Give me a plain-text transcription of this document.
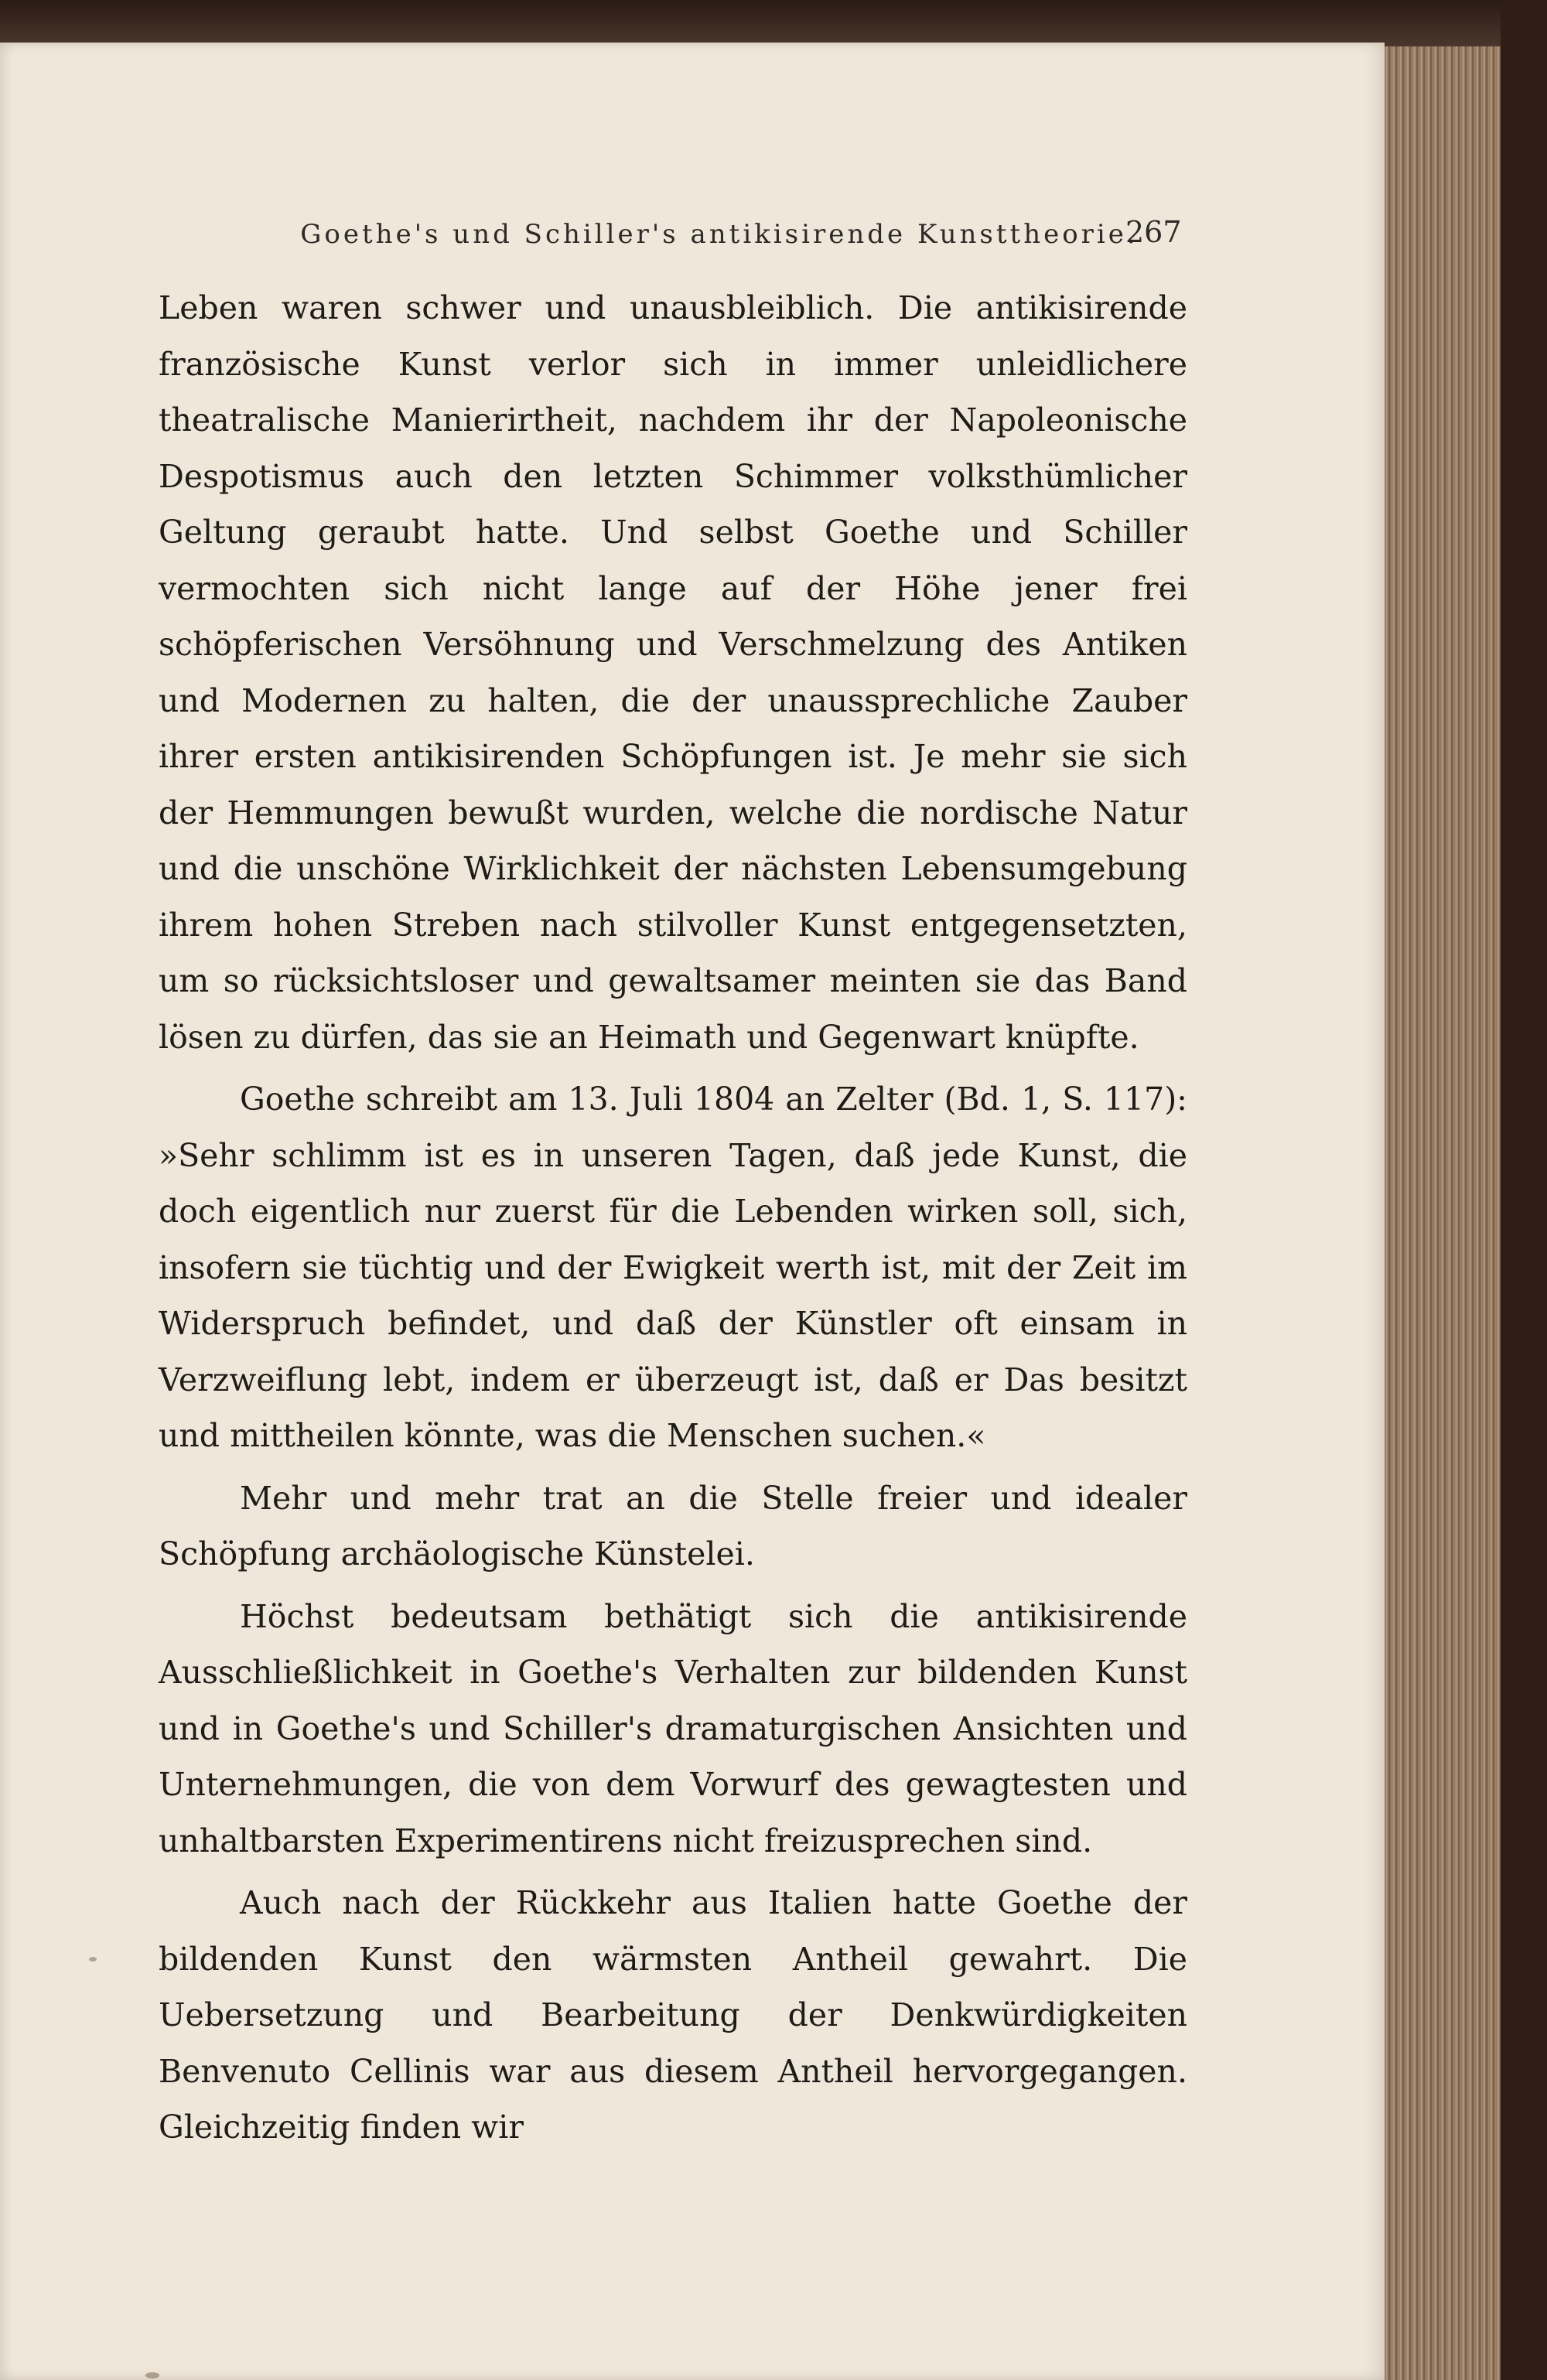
Goethe's und Schiller's antikisirende Kunsttheorie.
267

Leben waren schwer und unausbleiblich. Die antikisirende französische Kunst verlor sich in immer unleidlichere theatralische Manierirtheit, nachdem ihr der Napoleonische Despotismus auch den letzten Schimmer volksthümlicher Geltung geraubt hatte. Und selbst Goethe und Schiller vermochten sich nicht lange auf der Höhe jener frei schöpferischen Versöhnung und Verschmelzung des Antiken und Modernen zu halten, die der unaussprechliche Zauber ihrer ersten antikisirenden Schöpfungen ist. Je mehr sie sich der Hemmungen bewußt wurden, welche die nordische Natur und die unschöne Wirklichkeit der nächsten Lebensumgebung ihrem hohen Streben nach stilvoller Kunst entgegensetzten, um so rücksichtsloser und gewaltsamer meinten sie das Band lösen zu dürfen, das sie an Heimath und Gegenwart knüpfte.

Goethe schreibt am 13. Juli 1804 an Zelter (Bd. 1, S. 117): »Sehr schlimm ist es in unseren Tagen, daß jede Kunst, die doch eigentlich nur zuerst für die Lebenden wirken soll, sich, insofern sie tüchtig und der Ewigkeit werth ist, mit der Zeit im Widerspruch befindet, und daß der Künstler oft einsam in Verzweiflung lebt, indem er überzeugt ist, daß er Das besitzt und mittheilen könnte, was die Menschen suchen.«

Mehr und mehr trat an die Stelle freier und idealer Schöpfung archäologische Künstelei.

Höchst bedeutsam bethätigt sich die antikisirende Ausschließlichkeit in Goethe's Verhalten zur bildenden Kunst und in Goethe's und Schiller's dramaturgischen Ansichten und Unternehmungen, die von dem Vorwurf des gewagtesten und unhaltbarsten Experimentirens nicht freizusprechen sind.

Auch nach der Rückkehr aus Italien hatte Goethe der bildenden Kunst den wärmsten Antheil gewahrt. Die Uebersetzung und Bearbeitung der Denkwürdigkeiten Benvenuto Cellinis war aus diesem Antheil hervorgegangen. Gleichzeitig finden wir
